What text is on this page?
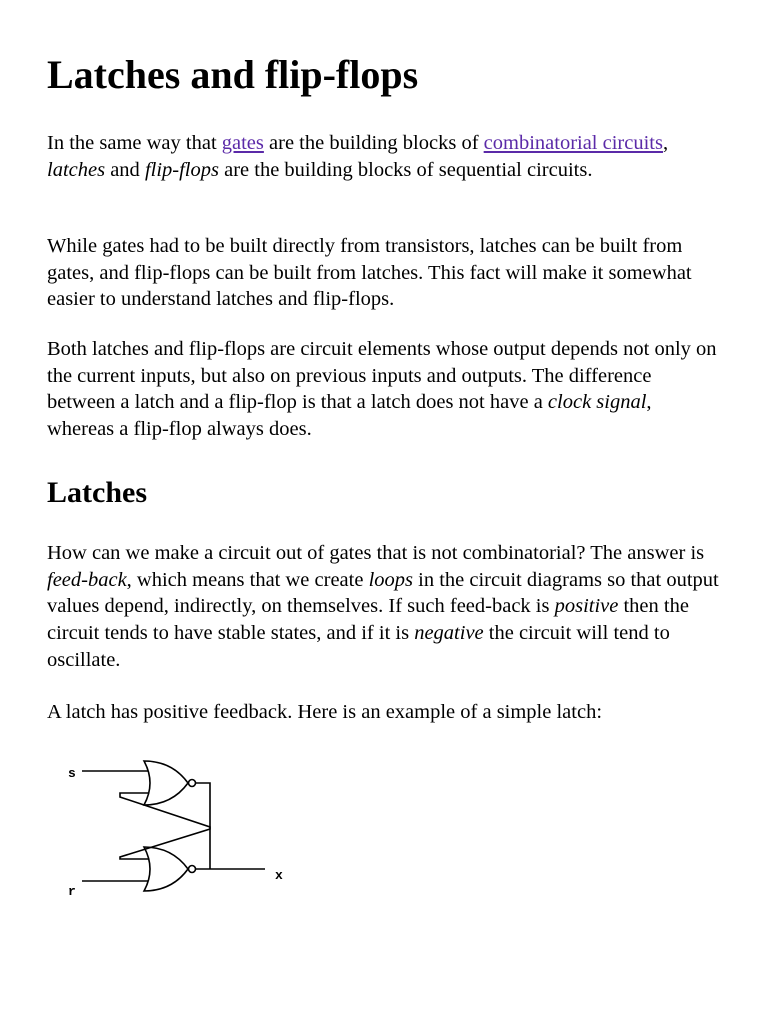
Latches and flip-flops

In the same way that gates are the building blocks of combinatorial circuits, latches and flip-flops are the building blocks of sequential circuits.

While gates had to be built directly from transistors, latches can be built from gates, and flip-flops can be built from latches. This fact will make it somewhat easier to understand latches and flip-flops.

Both latches and flip-flops are circuit elements whose output depends not only on the current inputs, but also on previous inputs and outputs. The difference between a latch and a flip-flop is that a latch does not have a clock signal, whereas a flip-flop always does.

Latches

How can we make a circuit out of gates that is not combinatorial? The answer is feed-back, which means that we create loops in the circuit diagrams so that output values depend, indirectly, on themselves. If such feed-back is positive then the circuit tends to have stable states, and if it is negative the circuit will tend to oscillate.

A latch has positive feedback. Here is an example of a simple latch:

s
r
x
